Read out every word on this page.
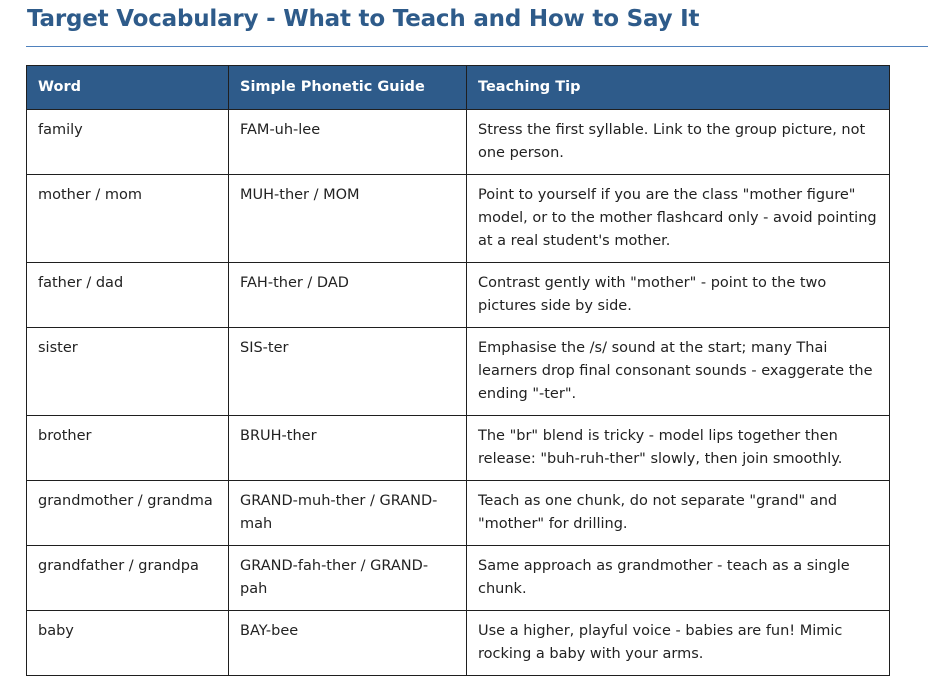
Target Vocabulary - What to Teach and How to Say It
Word	Simple Phonetic Guide	Teaching Tip
family	FAM-uh-lee	Stress the first syllable. Link to the group picture, not one person.
mother / mom	MUH-ther / MOM	Point to yourself if you are the class "mother figure" model, or to the mother flashcard only - avoid pointing at a real student's mother.
father / dad	FAH-ther / DAD	Contrast gently with "mother" - point to the two pictures side by side.
sister	SIS-ter	Emphasise the /s/ sound at the start; many Thai learners drop final consonant sounds - exaggerate the ending "-ter".
brother	BRUH-ther	The "br" blend is tricky - model lips together then release: "buh-ruh-ther" slowly, then join smoothly.
grandmother / grandma	GRAND-muh-ther / GRAND-mah	Teach as one chunk, do not separate "grand" and "mother" for drilling.
grandfather / grandpa	GRAND-fah-ther / GRAND-pah	Same approach as grandmother - teach as a single chunk.
baby	BAY-bee	Use a higher, playful voice - babies are fun! Mimic rocking a baby with your arms.
